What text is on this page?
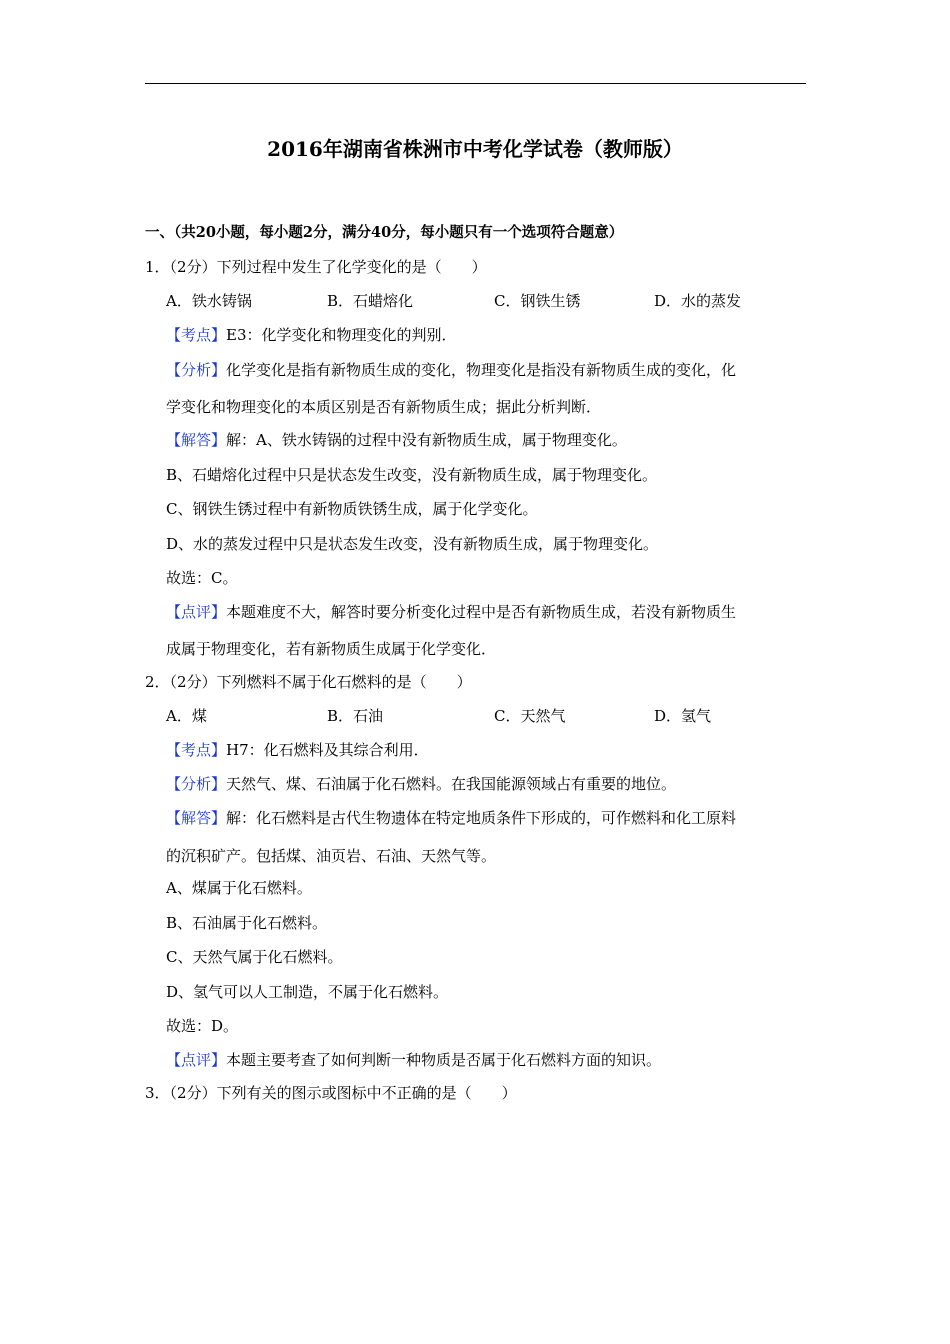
2016年湖南省株洲市中考化学试卷（教师版）
一、（共20小题，每小题2分，满分40分，每小题只有一个选项符合题意）
1．（2分）下列过程中发生了化学变化的是（　　）
A．铁水铸锅	B．石蜡熔化	C．钢铁生锈	D．水的蒸发
【考点】E3：化学变化和物理变化的判别．
【分析】化学变化是指有新物质生成的变化，物理变化是指没有新物质生成的变化，化
学变化和物理变化的本质区别是否有新物质生成；据此分析判断．
【解答】解：A、铁水铸锅的过程中没有新物质生成，属于物理变化。
B、石蜡熔化过程中只是状态发生改变，没有新物质生成，属于物理变化。
C、钢铁生锈过程中有新物质铁锈生成，属于化学变化。
D、水的蒸发过程中只是状态发生改变，没有新物质生成，属于物理变化。
故选：C。
【点评】本题难度不大，解答时要分析变化过程中是否有新物质生成，若没有新物质生
成属于物理变化，若有新物质生成属于化学变化．
2．（2分）下列燃料不属于化石燃料的是（　　）
A．煤	B．石油	C．天然气	D．氢气
【考点】H7：化石燃料及其综合利用．
【分析】天然气、煤、石油属于化石燃料。在我国能源领域占有重要的地位。
【解答】解：化石燃料是古代生物遗体在特定地质条件下形成的，可作燃料和化工原料
的沉积矿产。包括煤、油页岩、石油、天然气等。
A、煤属于化石燃料。
B、石油属于化石燃料。
C、天然气属于化石燃料。
D、氢气可以人工制造，不属于化石燃料。
故选：D。
【点评】本题主要考查了如何判断一种物质是否属于化石燃料方面的知识。
3．（2分）下列有关的图示或图标中不正确的是（　　）
